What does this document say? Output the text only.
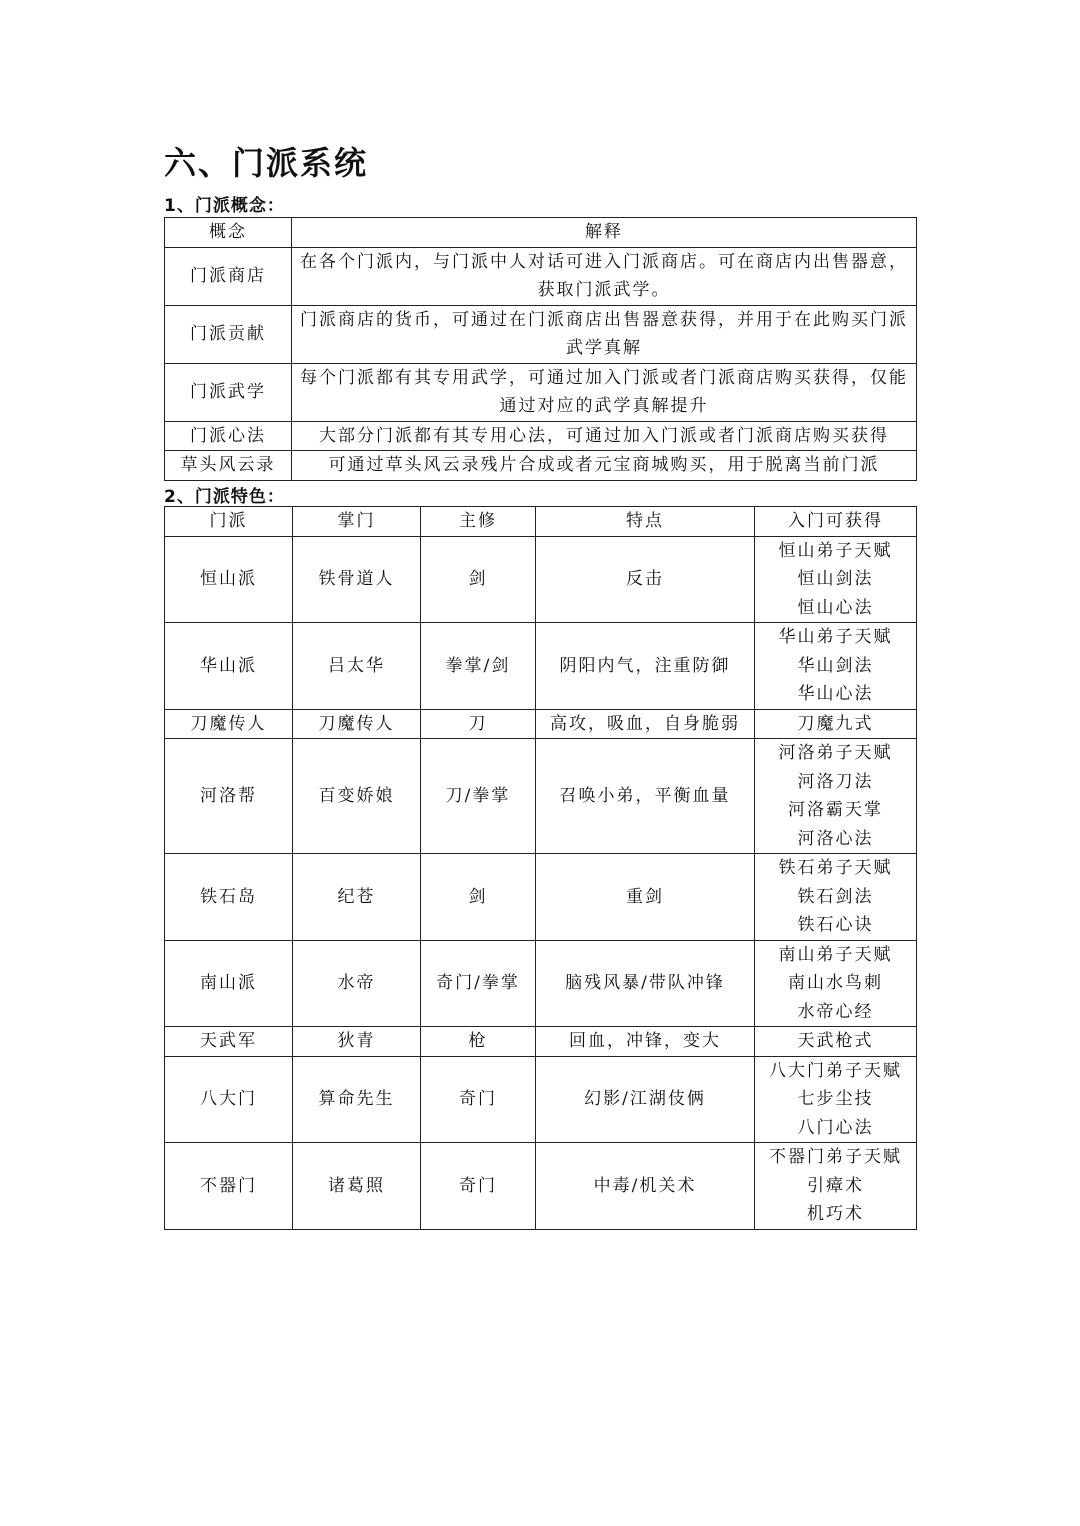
六、门派系统
1、门派概念：
概念	解释
门派商店	在各个门派内，与门派中人对话可进入门派商店。可在商店内出售器意，获取门派武学。
门派贡献	门派商店的货币，可通过在门派商店出售器意获得，并用于在此购买门派武学真解
门派武学	每个门派都有其专用武学，可通过加入门派或者门派商店购买获得，仅能通过对应的武学真解提升
门派心法	大部分门派都有其专用心法，可通过加入门派或者门派商店购买获得
草头风云录	可通过草头风云录残片合成或者元宝商城购买，用于脱离当前门派
2、门派特色：
门派	掌门	主修	特点	入门可获得
恒山派	铁骨道人	剑	反击	恒山弟子天赋
恒山剑法
恒山心法

华山派	吕太华	拳掌/剑	阴阳内气，注重防御	华山弟子天赋
华山剑法
华山心法

刀魔传人	刀魔传人	刀	高攻，吸血，自身脆弱	刀魔九式

河洛帮	百变娇娘	刀/拳掌	召唤小弟，平衡血量	河洛弟子天赋
河洛刀法
河洛霸天掌
河洛心法

铁石岛	纪苍	剑	重剑	铁石弟子天赋
铁石剑法
铁石心诀

南山派	水帝	奇门/拳掌	脑残风暴/带队冲锋	南山弟子天赋
南山水鸟刺
水帝心经

天武军	狄青	枪	回血，冲锋，变大	天武枪式

八大门	算命先生	奇门	幻影/江湖伎俩	八大门弟子天赋
七步尘技
八门心法

不器门	诸葛照	奇门	中毒/机关术	不器门弟子天赋
引瘴术
机巧术
